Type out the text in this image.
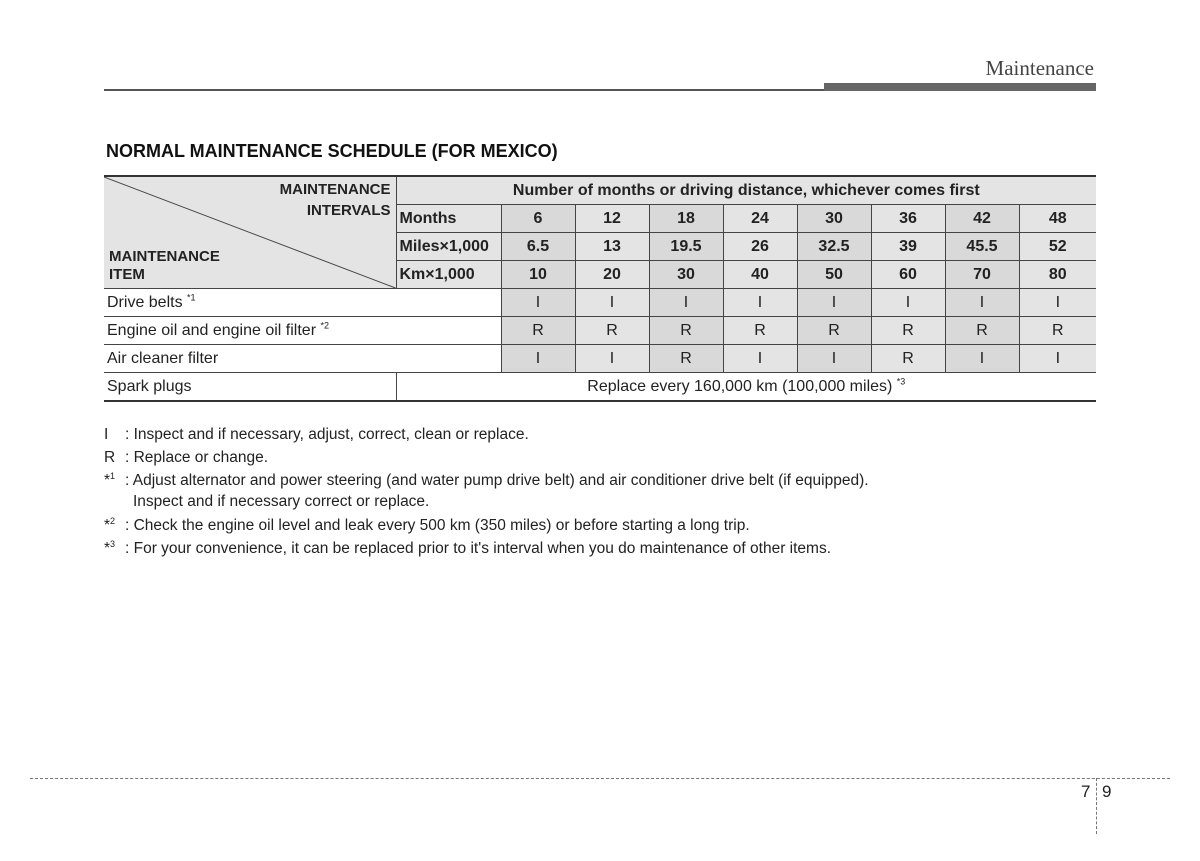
Maintenance
NORMAL MAINTENANCE SCHEDULE (FOR MEXICO)
MAINTENANCE
INTERVALS
MAINTENANCE
ITEM	Number of months or driving distance, whichever comes first								
	Months	6	12	18	24	30	36	42	48
	Miles×1,000	6.5	13	19.5	26	32.5	39	45.5	52
	Km×1,000	10	20	30	40	50	60	70	80
Drive belts $^{*1}$		I	I	I	I	I	I	I	I
Engine oil and engine oil filter $^{*2}$		R	R	R	R	R	R	R	R
Air cleaner filter		I	I	R	I	I	R	I	I
Spark plugs	Replace every 160,000 km (100,000 miles) $^{*3}$
I	: Inspect and if necessary, adjust, correct, clean or replace.
R : Replace or change.
*$^1$ : Adjust alternator and power steering (and water pump drive belt) and air conditioner drive belt (if equipped).
Inspect and if necessary correct or replace.
*$^2$ : Check the engine oil level and leak every 500 km (350 miles) or before starting a long trip.
*$^3$ : For your convenience, it can be replaced prior to it's interval when you do maintenance of other items.
7 9
